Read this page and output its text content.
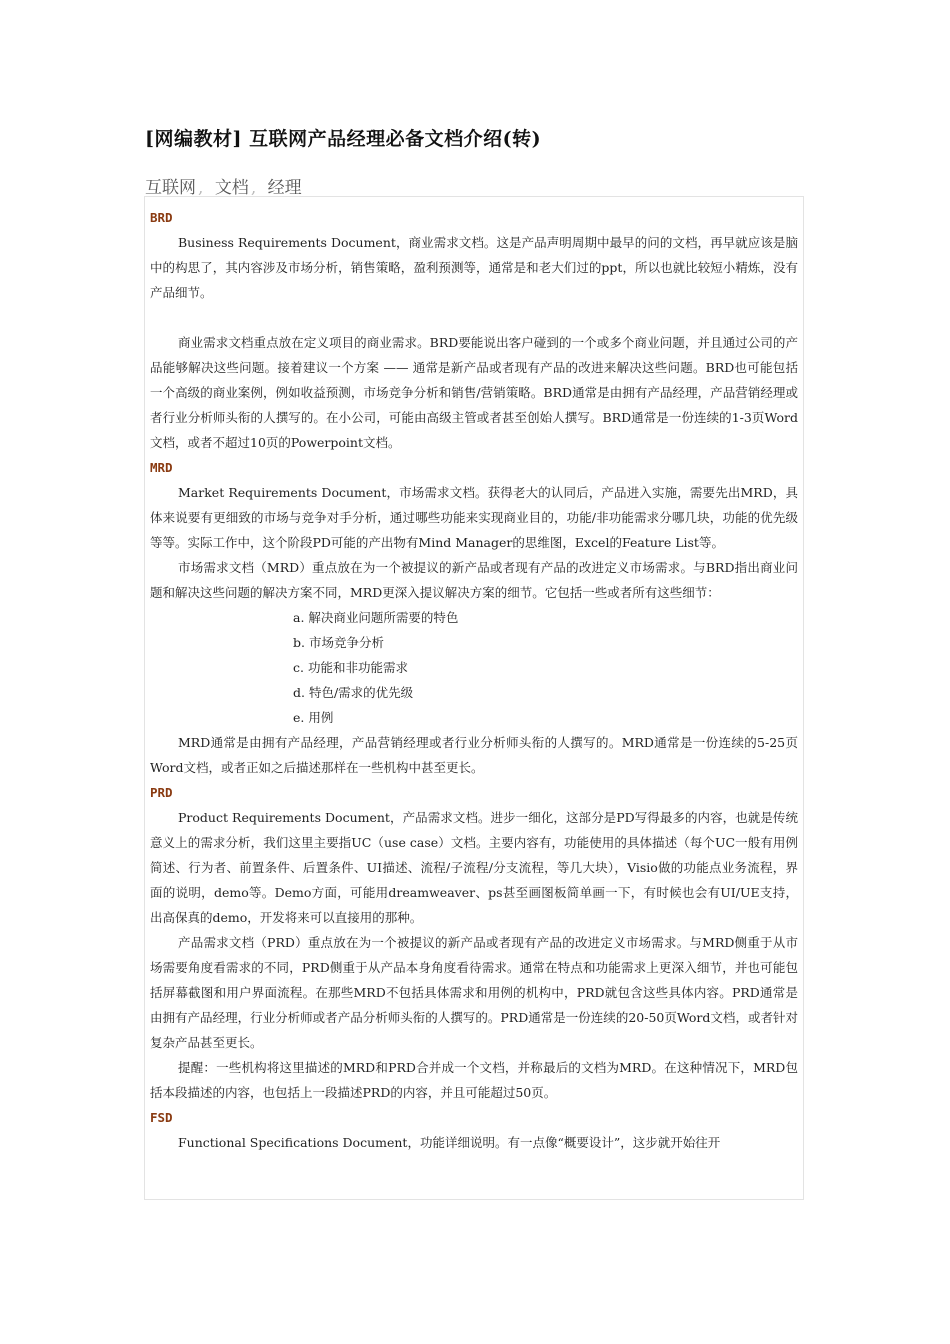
[网编教材] 互联网产品经理必备文档介绍(转)
互联网 , 文档 , 经理
BRD

Business Requirements Document，商业需求文档。这是产品声明周期中最早的问的文档，再早就应该是脑中的构思了，其内容涉及市场分析，销售策略，盈利预测等，通常是和老大们过的ppt，所以也就比较短小精炼，没有产品细节。

商业需求文档重点放在定义项目的商业需求。BRD要能说出客户碰到的一个或多个商业问题，并且通过公司的产品能够解决这些问题。接着建议一个方案 —— 通常是新产品或者现有产品的改进来解决这些问题。BRD也可能包括一个高级的商业案例，例如收益预测，市场竞争分析和销售/营销策略。BRD通常是由拥有产品经理，产品营销经理或者行业分析师头衔的人撰写的。在小公司，可能由高级主管或者甚至创始人撰写。BRD通常是一份连续的1-3页Word文档，或者不超过10页的Powerpoint文档。

MRD

Market Requirements Document，市场需求文档。获得老大的认同后，产品进入实施，需要先出MRD，具体来说要有更细致的市场与竞争对手分析，通过哪些功能来实现商业目的，功能/非功能需求分哪几块，功能的优先级等等。实际工作中，这个阶段PD可能的产出物有Mind Manager的思维图，Excel的Feature List等。

市场需求文档（MRD）重点放在为一个被提议的新产品或者现有产品的改进定义市场需求。与BRD指出商业问题和解决这些问题的解决方案不同，MRD更深入提议解决方案的细节。它包括一些或者所有这些细节：

a. 解决商业问题所需要的特色
b. 市场竞争分析
c. 功能和非功能需求
d. 特色/需求的优先级
e. 用例

MRD通常是由拥有产品经理，产品营销经理或者行业分析师头衔的人撰写的。MRD通常是一份连续的5-25页Word文档，或者正如之后描述那样在一些机构中甚至更长。

PRD

Product Requirements Document，产品需求文档。进步一细化，这部分是PD写得最多的内容，也就是传统意义上的需求分析，我们这里主要指UC（use case）文档。主要内容有，功能使用的具体描述（每个UC一般有用例简述、行为者、前置条件、后置条件、UI描述、流程/子流程/分支流程，等几大块），Visio做的功能点业务流程，界面的说明，demo等。Demo方面，可能用dreamweaver、ps甚至画图板简单画一下，有时候也会有UI/UE支持，出高保真的demo，开发将来可以直接用的那种。

产品需求文档（PRD）重点放在为一个被提议的新产品或者现有产品的改进定义市场需求。与MRD侧重于从市场需要角度看需求的不同，PRD侧重于从产品本身角度看待需求。通常在特点和功能需求上更深入细节，并也可能包括屏幕截图和用户界面流程。在那些MRD不包括具体需求和用例的机构中，PRD就包含这些具体内容。PRD通常是由拥有产品经理，行业分析师或者产品分析师头衔的人撰写的。PRD通常是一份连续的20-50页Word文档，或者针对复杂产品甚至更长。

提醒：一些机构将这里描述的MRD和PRD合并成一个文档，并称最后的文档为MRD。在这种情况下，MRD包括本段描述的内容，也包括上一段描述PRD的内容，并且可能超过50页。

FSD

Functional Specifications Document，功能详细说明。有一点像“概要设计”，这步就开始往开
